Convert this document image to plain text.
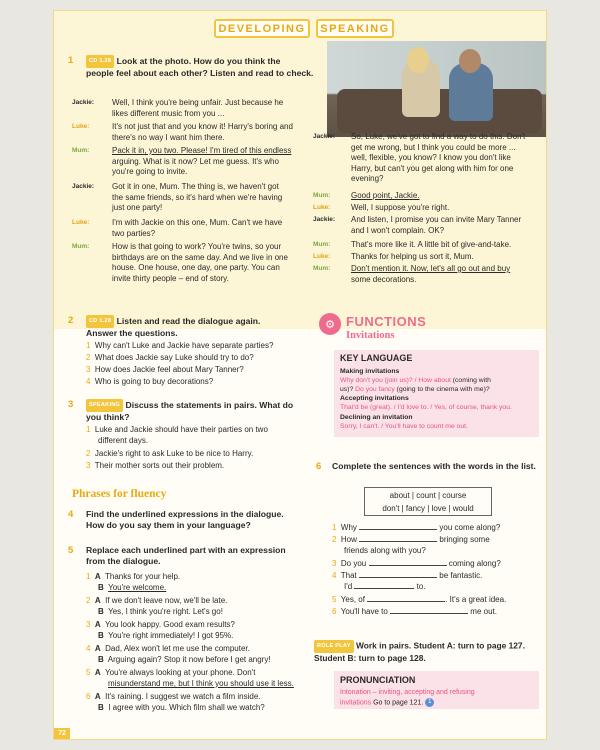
DEVELOPING	SPEAKING
1	CD 1.28 Look at the photo. How do you think the
people feel about each other? Listen and read to check.
Jackie: Well, I think you're being unfair. Just because he
likes different music from you ...
Luke:	It's not just that and you know it! Harry's boring and
there's no way I want him there.
Mum:	Pack it in, you two. Please! I'm tired of this endless
arguing. What is it now? Let me guess. It's who
you're going to invite.
Jackie: Got it in one, Mum. The thing is, we haven't got
the same friends, so it's hard when we're having
just one party!
Luke:	I'm with Jackie on this one, Mum. Can't we have
two parties?
Mum:	How is that going to work? You're twins, so your
birthdays are on the same day. And we live in one
house. One house, one day, one party. You can
invite thirty people – end of story.
Jackie: So, Luke, we've got to find a way to do this. Don't
get me wrong, but I think you could be more ...
well, flexible, you know? I know you don't like
Harry, but can't you get along with him for one
evening?
Mum:	Good point, Jackie.
Luke:	Well, I suppose you're right.
Jackie: And listen, I promise you can invite Mary Tanner
and I won't complain. OK?
Mum:	That's more like it. A little bit of give-and-take.
Luke:	Thanks for helping us sort it, Mum.
Mum:	Don't mention it. Now, let's all go out and buy
some decorations.
2	CD 1.28 Listen and read the dialogue again.
Answer the questions.
1 Why can't Luke and Jackie have separate parties?
2 What does Jackie say Luke should try to do?
3 How does Jackie feel about Mary Tanner?
4 Who is going to buy decorations?
3	SPEAKING Discuss the statements in pairs. What do
you think?
1 Luke and Jackie should have their parties on two
different days.
2 Jackie's right to ask Luke to be nice to Harry.
3 Their mother sorts out their problem.
Phrases for fluency
4 Find the underlined expressions in the dialogue.
How do you say them in your language?
5 Replace each underlined part with an expression
from the dialogue.
1 A Thanks for your help.
B You're welcome.
2 A If we don't leave now, we'll be late.
B Yes, I think you're right. Let's go!
3 A You look happy. Good exam results?
B You're right immediately! I got 95%.
4 A Dad, Alex won't let me use the computer.
B Arguing again? Stop it now before I get angry!
5 A You're always looking at your phone. Don't
misunderstand me, but I think you should use it less.
6 A It's raining. I suggest we watch a film inside.
B I agree with you. Which film shall we watch?
⚙ FUNCTIONS
Invitations
KEY LANGUAGE
Making invitations
Why don't you (join us)? / How about (coming with
us)? Do you fancy (going to the cinema with me)?
Accepting invitations
That'd be (great). / I'd love to. / Yes, of course, thank you.
Declining an invitation
Sorry, I can't. / You'll have to count me out.
6 Complete the sentences with the words in the list.
about | count | course
don't | fancy | love | would
1 Why	you come along?
2 How	bringing some
friends along with you?
3 Do you	coming along?
4 That	be fantastic.
I'd	to.
5 Yes, of	. It's a great idea.
6 You'll have to	me out.
ROLE PLAY Work in pairs. Student A: turn to page 127.
Student B: turn to page 128.
PRONUNCIATION
Intonation – inviting, accepting and refusing
invitations Go to page 121. 1
72
